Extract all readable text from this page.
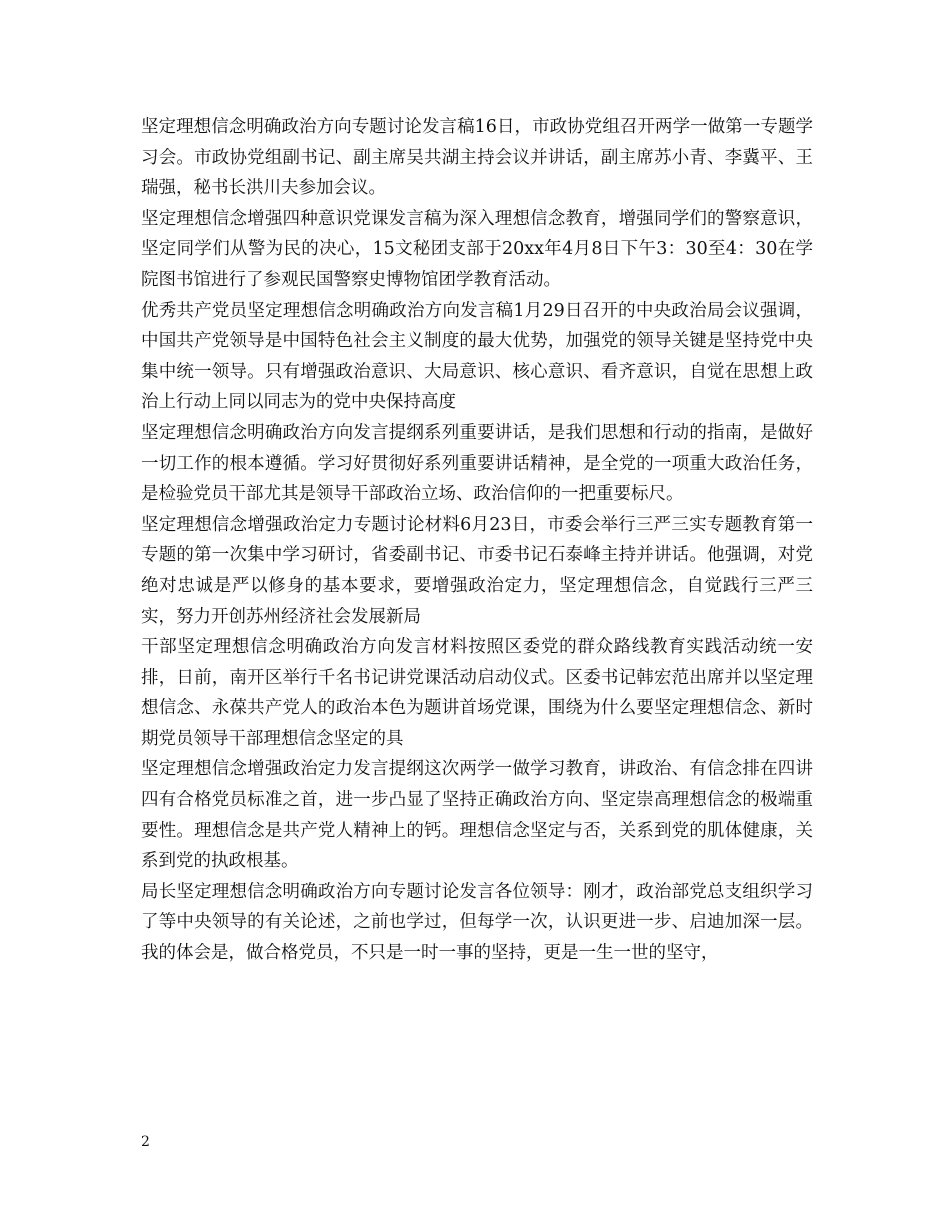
坚定理想信念明确政治方向专题讨论发言稿16日，市政协党组召开两学一做第一专题学习会。市政协党组副书记、副主席吴共湖主持会议并讲话，副主席苏小青、李冀平、王瑞强，秘书长洪川夫参加会议。

坚定理想信念增强四种意识党课发言稿为深入理想信念教育，增强同学们的警察意识，坚定同学们从警为民的决心，15文秘团支部于20xx年4月8日下午3：30至4：30在学院图书馆进行了参观民国警察史博物馆团学教育活动。

优秀共产党员坚定理想信念明确政治方向发言稿1月29日召开的中央政治局会议强调，中国共产党领导是中国特色社会主义制度的最大优势，加强党的领导关键是坚持党中央集中统一领导。只有增强政治意识、大局意识、核心意识、看齐意识，自觉在思想上政治上行动上同以同志为的党中央保持高度

坚定理想信念明确政治方向发言提纲系列重要讲话，是我们思想和行动的指南，是做好一切工作的根本遵循。学习好贯彻好系列重要讲话精神，是全党的一项重大政治任务，是检验党员干部尤其是领导干部政治立场、政治信仰的一把重要标尺。

坚定理想信念增强政治定力专题讨论材料6月23日，市委会举行三严三实专题教育第一专题的第一次集中学习研讨，省委副书记、市委书记石泰峰主持并讲话。他强调，对党绝对忠诚是严以修身的基本要求，要增强政治定力，坚定理想信念，自觉践行三严三实，努力开创苏州经济社会发展新局

干部坚定理想信念明确政治方向发言材料按照区委党的群众路线教育实践活动统一安排，日前，南开区举行千名书记讲党课活动启动仪式。区委书记韩宏范出席并以坚定理想信念、永葆共产党人的政治本色为题讲首场党课，围绕为什么要坚定理想信念、新时期党员领导干部理想信念坚定的具

坚定理想信念增强政治定力发言提纲这次两学一做学习教育，讲政治、有信念排在四讲四有合格党员标准之首，进一步凸显了坚持正确政治方向、坚定崇高理想信念的极端重要性。理想信念是共产党人精神上的钙。理想信念坚定与否，关系到党的肌体健康，关系到党的执政根基。

局长坚定理想信念明确政治方向专题讨论发言各位领导：刚才，政治部党总支组织学习了等中央领导的有关论述，之前也学过，但每学一次，认识更进一步、启迪加深一层。我的体会是，做合格党员，不只是一时一事的坚持，更是一生一世的坚守，

2
